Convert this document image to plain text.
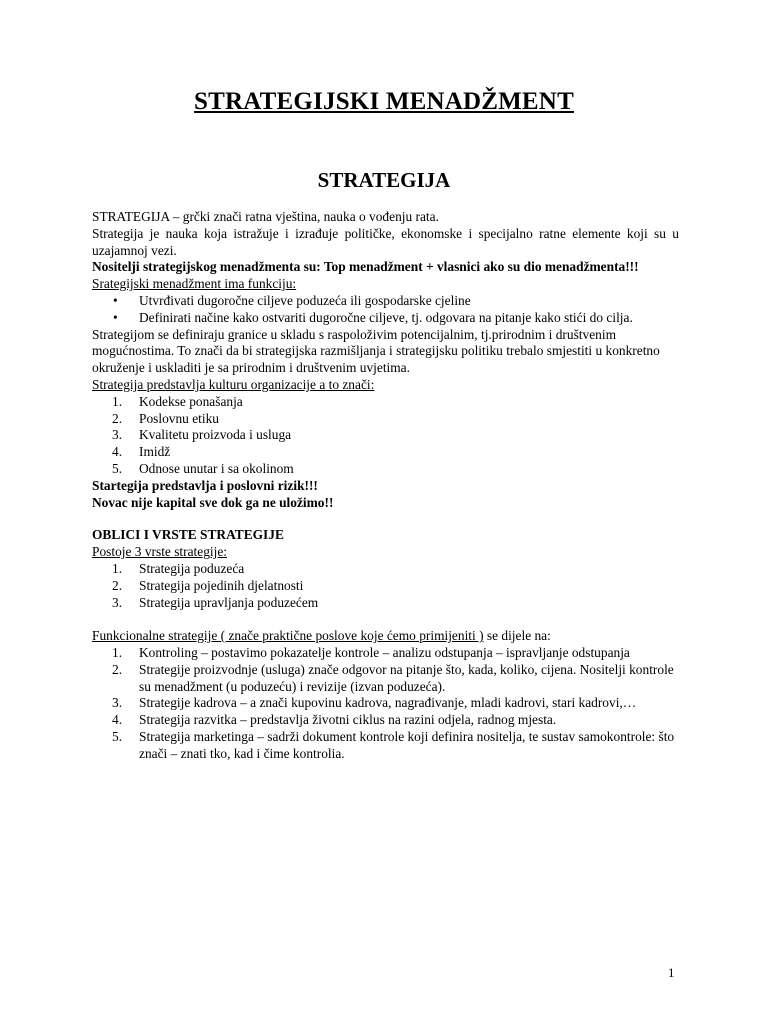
STRATEGIJSKI MENADŽMENT
STRATEGIJA

STRATEGIJA – grčki znači ratna vještina, nauka o vođenju rata.

Strategija je nauka koja istražuje i izrađuje političke, ekonomske i specijalno ratne elemente koji su u uzajamnoj vezi.

Nositelji strategijskog menadžmenta su: Top menadžment + vlasnici ako su dio menadžmenta!!!

Srategijski menadžment ima funkciju:

• Utvrđivati dugoročne ciljeve poduzeća ili gospodarske cjeline
• Definirati načine kako ostvariti dugoročne ciljeve, tj. odgovara na pitanje kako stići do cilja.

Strategijom se definiraju granice u skladu s raspoloživim potencijalnim, tj.prirodnim i društvenim mogućnostima. To znači da bi strategijska razmišljanja i strategijsku politiku trebalo smjestiti u konkretno okruženje i uskladiti je sa prirodnim i društvenim uvjetima.

Strategija predstavlja kulturu organizacije a to znači:

1. Kodekse ponašanja
2. Poslovnu etiku
3. Kvalitetu proizvoda i usluga
4. Imidž
5. Odnose unutar i sa okolinom

Startegija predstavlja i poslovni rizik!!!

Novac nije kapital sve dok ga ne uložimo!!

OBLICI I VRSTE STRATEGIJE

Postoje 3 vrste strategije:

1. Strategija poduzeća
2. Strategija pojedinih djelatnosti
3. Strategija upravljanja poduzećem

Funkcionalne strategije ( znače praktične poslove koje ćemo primijeniti ) se dijele na:

1. Kontroling – postavimo pokazatelje kontrole – analizu odstupanja – ispravljanje odstupanja
2. Strategije proizvodnje (usluga) znače odgovor na pitanje što, kada, koliko, cijena. Nositelji kontrole su menadžment (u poduzeću) i revizije (izvan poduzeća).
3. Strategije kadrova – a znači kupovinu kadrova, nagrađivanje, mladi kadrovi, stari kadrovi,…
4. Strategija razvitka – predstavlja životni ciklus na razini odjela, radnog mjesta.
5. Strategija marketinga – sadrži dokument kontrole koji definira nositelja, te sustav samokontrole: što znači – znati tko, kad i čime kontrolia.
1
